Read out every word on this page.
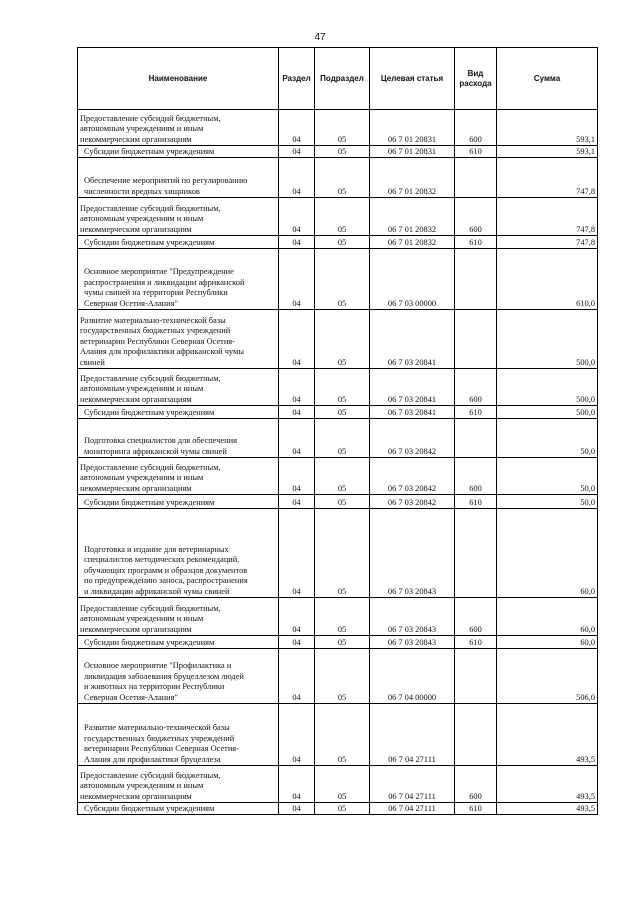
47
Наименование	Раздел	Подраздел	Целевая статья	Вид расхода	Сумма

Предоставление субсидий бюджетным,
автономным учреждениям и иным
некоммерческим организациям	04	05	06 7 01 20831	600	593,1

Субсидии бюджетным учреждениям	04	05	06 7 01 20831	610	593,1

Обеспечение мероприятий по регулированию
численности вредных хищников	04	05	06 7 01 20832		747,8

Предоставление субсидий бюджетным,
автономным учреждениям и иным
некоммерческим организациям	04	05	06 7 01 20832	600	747,8

Субсидии бюджетным учреждениям	04	05	06 7 01 20832	610	747,8

Основное мероприятие "Предупреждение
распространения и ликвидации африканской
чумы свиней на территории Республики
Северная Осетия-Алания"	04	05	06 7 03 00000		610,0

Развитие материально-технической базы
государственных бюджетных учреждений
ветеринарии Республики Северная Осетия-
Алания для профилактики африканской чумы
свиней	04	05	06 7 03 20841		500,0

Предоставление субсидий бюджетным,
автономным учреждениям и иным
некоммерческим организациям	04	05	06 7 03 20841	600	500,0

Субсидии бюджетным учреждениям	04	05	06 7 03 20841	610	500,0

Подготовка специалистов для обеспечения
мониторинга африканской чумы свиней	04	05	06 7 03 20842		50,0

Предоставление субсидий бюджетным,
автономным учреждениям и иным
некоммерческим организациям	04	05	06 7 03 20842	600	50,0

Субсидии бюджетным учреждениям	04	05	06 7 03 20842	610	50,0

Подготовка и издание для ветеринарных
специалистов методических рекомендаций,
обучающих программ и образцов документов
по предупреждению заноса, распространения
и ликвидации африканской чумы свиней	04	05	06 7 03 20843		60,0

Предоставление субсидий бюджетным,
автономным учреждениям и иным
некоммерческим организациям	04	05	06 7 03 20843	600	60,0

Субсидии бюджетным учреждениям	04	05	06 7 03 20843	610	60,0

Основное мероприятие "Профилактика и
ликвидация заболевания бруцеллезом людей
и животных на территории Республики
Северная Осетия-Алания"	04	05	06 7 04 00000		506,0

Развитие материально-технической базы
государственных бюджетных учреждений
ветеринарии Республики Северная Осетия-
Алания для профилактики бруцеллеза	04	05	06 7 04 27111		493,5

Предоставление субсидий бюджетным,
автономным учреждениям и иным
некоммерческим организациям	04	05	06 7 04 27111	600	493,5

Субсидии бюджетным учреждениям	04	05	06 7 04 27111	610	493,5
